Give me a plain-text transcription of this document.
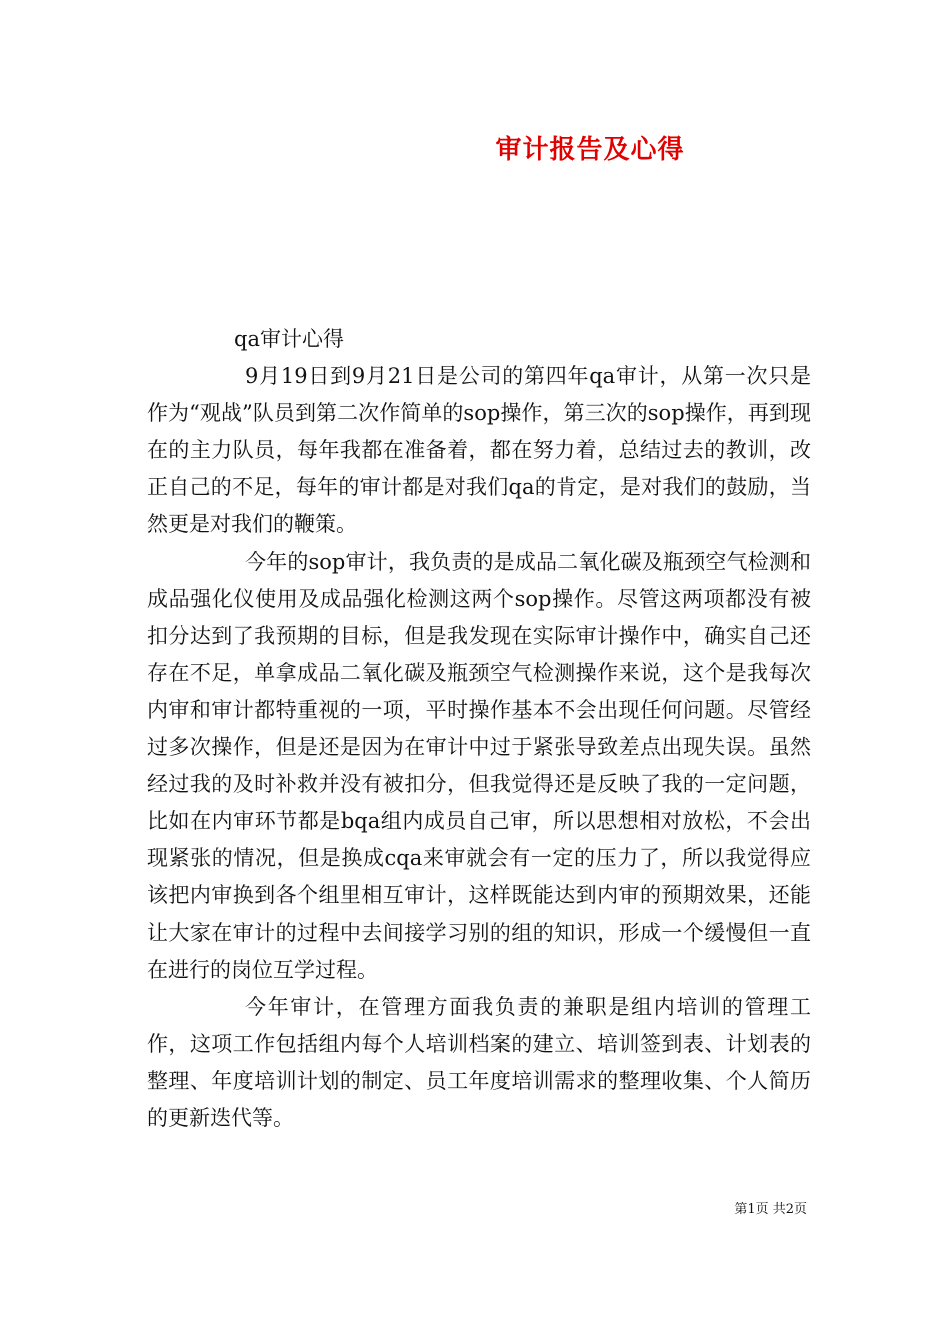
审计报告及心得

qa审计心得

9月19日到9月21日是公司的第四年qa审计，从第一次只是作为“观战”队员到第二次作简单的sop操作，第三次的sop操作，再到现在的主力队员，每年我都在准备着，都在努力着，总结过去的教训，改正自己的不足，每年的审计都是对我们qa的肯定，是对我们的鼓励，当然更是对我们的鞭策。

今年的sop审计，我负责的是成品二氧化碳及瓶颈空气检测和成品强化仪使用及成品强化检测这两个sop操作。尽管这两项都没有被扣分达到了我预期的目标，但是我发现在实际审计操作中，确实自己还存在不足，单拿成品二氧化碳及瓶颈空气检测操作来说，这个是我每次内审和审计都特重视的一项，平时操作基本不会出现任何问题。尽管经过多次操作，但是还是因为在审计中过于紧张导致差点出现失误。虽然经过我的及时补救并没有被扣分，但我觉得还是反映了我的一定问题，比如在内审环节都是bqa组内成员自己审，所以思想相对放松，不会出现紧张的情况，但是换成cqa来审就会有一定的压力了，所以我觉得应该把内审换到各个组里相互审计，这样既能达到内审的预期效果，还能让大家在审计的过程中去间接学习别的组的知识，形成一个缓慢但一直在进行的岗位互学过程。

今年审计，在管理方面我负责的兼职是组内培训的管理工作，这项工作包括组内每个人培训档案的建立、培训签到表、计划表的整理、年度培训计划的制定、员工年度培训需求的整理收集、个人简历的更新迭代等。

第1页 共2页
